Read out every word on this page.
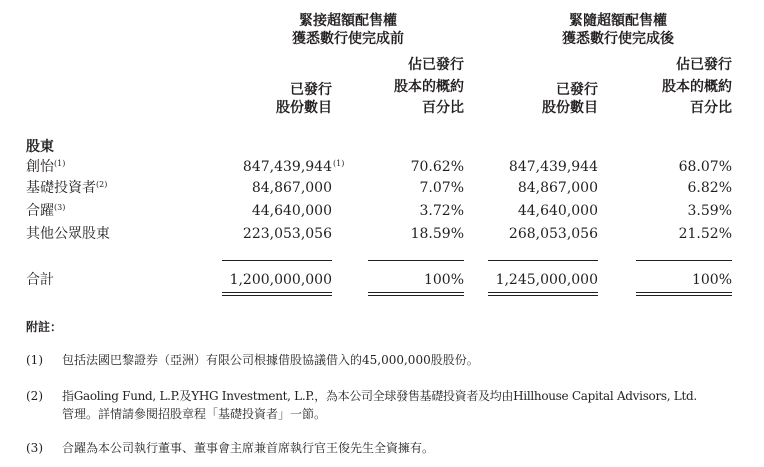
緊接超額配售權
獲悉數行使完成前
緊隨超額配售權
獲悉數行使完成後
已發行
股份數目
佔已發行
股本的概約
百分比
已發行
股份數目
佔已發行
股本的概約
百分比
股東
創怡$^{(1)}$	847,439,944 (1)	70.62%	847,439,944	68.07%
基礎投資者$^{(2)}$	84,867,000	7.07%	84,867,000	6.82%
合躍$^{(3)}$	44,640,000	3.72%	44,640,000	3.59%
其他公眾股東	223,053,056	18.59%	268,053,056	21.52%
合計	1,200,000,000	100% 1,245,000,000	100%
附註：
(1) 包括法國巴黎證券（亞洲）有限公司根據借股協議借入的45,000,000股股份。
(2) 指Gaoling Fund, L.P.及YHG Investment, L.P.，為本公司全球發售基礎投資者及均由Hillhouse Capital Advisors, Ltd.
管理。詳情請參閱招股章程「基礎投資者」一節。
(3) 合躍為本公司執行董事、董事會主席兼首席執行官王俊先生全資擁有。
